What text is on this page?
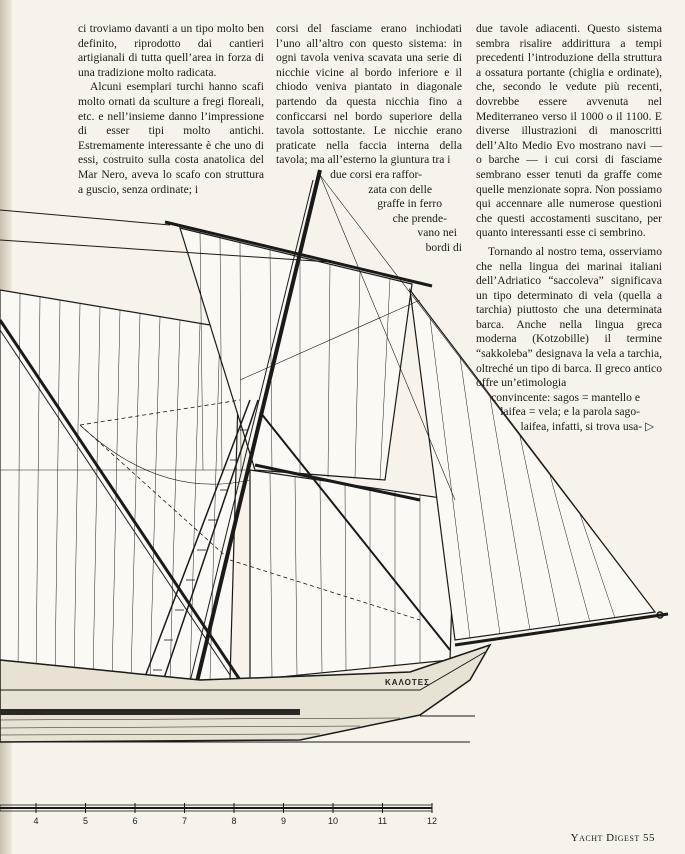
ΚΑΛΟΤΕΣ
4	5	6	7	8	9	10	11	12

ci troviamo davanti a un tipo molto ben definito, riprodotto dai cantieri artigianali di tutta quell’area in forza di una tradizione molto radicata.

Alcuni esemplari turchi hanno scafi molto ornati da sculture a fregi floreali, etc. e nell’insieme danno l’impressione di esser tipi molto antichi. Estremamente interessante è che uno di essi, costruito sulla costa anatolica del Mar Nero, aveva lo scafo con struttura a guscio, senza ordinate; i

corsi del fasciame erano inchiodati l’uno all’altro con questo sistema: in ogni tavola veniva scavata una serie di nicchie vicine al bordo inferiore e il chiodo veniva piantato in diagonale partendo da questa nicchia fino a conficcarsi nel bordo superiore della tavola sottostante. Le nicchie erano praticate nella faccia interna della tavola; ma all’esterno la giuntura tra i

due corsi era raffor-
zata con delle
graffe in ferro
che prende-
vano nei
bordi di

due tavole adiacenti. Questo sistema sembra risalire addirittura a tempi precedenti l’introduzione della struttura a ossatura portante (chiglia e ordinate), che, secondo le vedute più recenti, dovrebbe essere avvenuta nel Mediterraneo verso il 1000 o il 1100. E diverse illustrazioni di manoscritti dell’Alto Medio Evo mostrano navi — o barche — i cui corsi di fasciame sembrano esser tenuti da graffe come quelle menzionate sopra. Non possiamo qui accennare alle numerose questioni che questi accostamenti suscitano, per quanto interessanti esse ci sembrino.

Tornando al nostro tema, osserviamo che nella lingua dei marinai italiani dell’Adriatico “saccoleva” significava un tipo determinato di vela (quella a tarchia) piuttosto che una determinata barca. Anche nella lingua greca moderna (Kotzobille) il termine “sakkoleba” designava la vela a tarchia, oltreché un tipo di barca. Il greco antico offre un’etimologia

convincente: sagos = mantello e
laifea = vela; e la parola sago-
laifea, infatti, si trova usa- ▷
Yacht Digest 55
